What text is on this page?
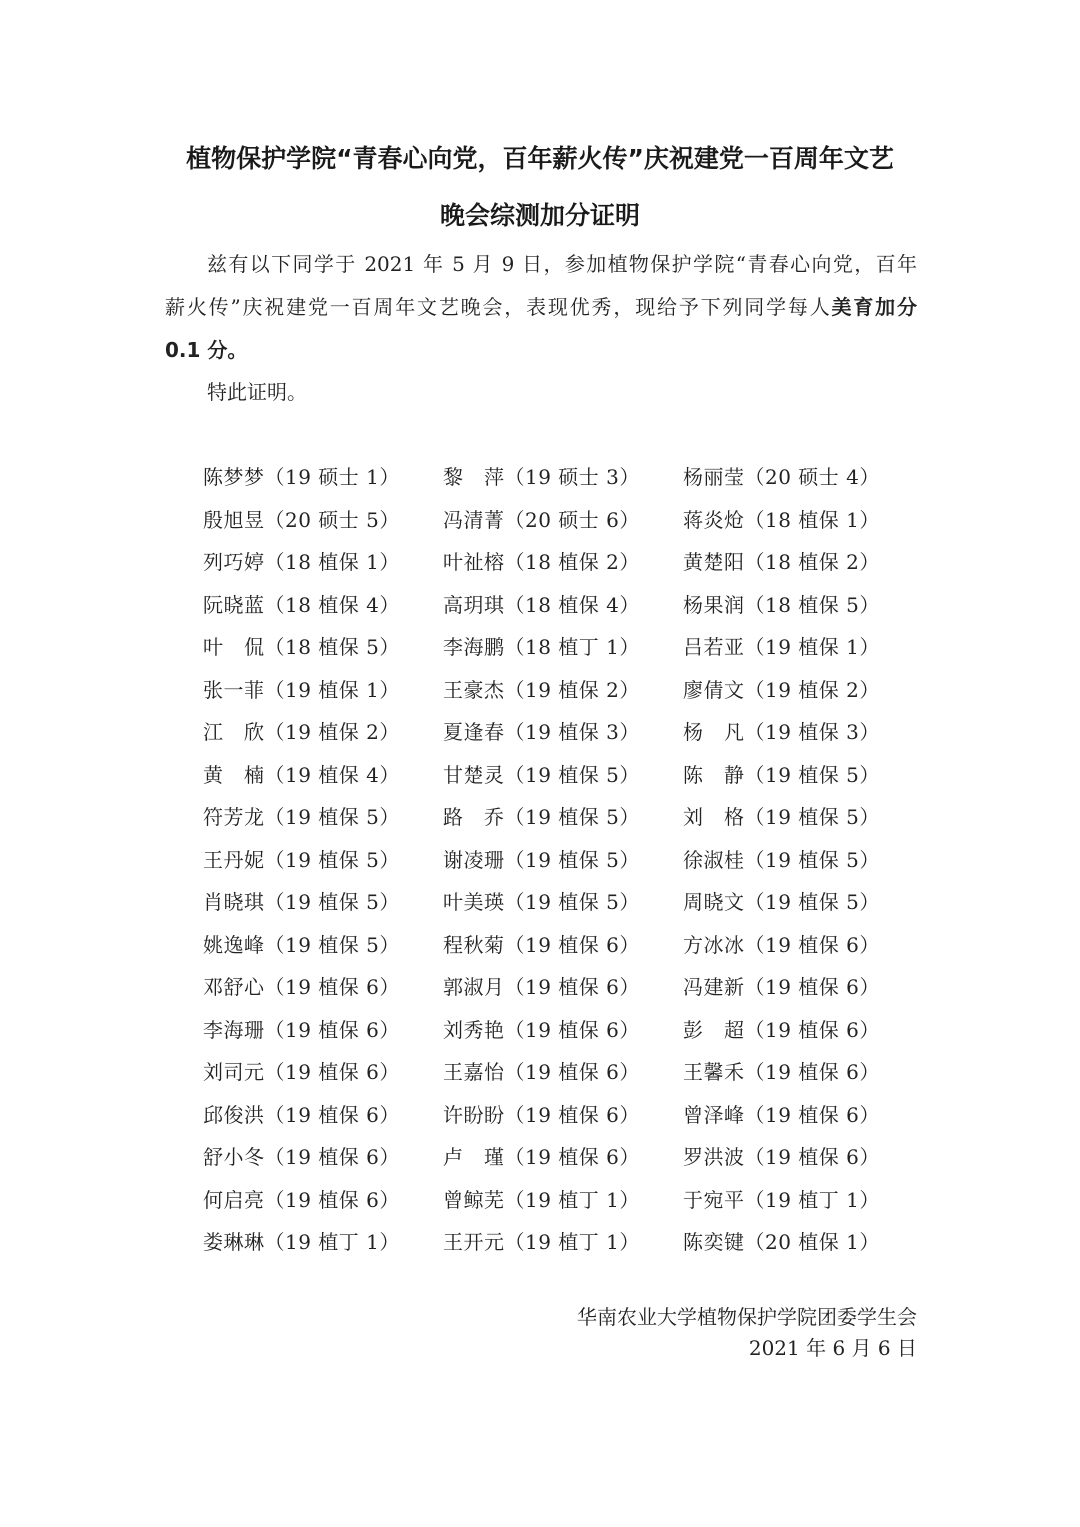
植物保护学院“青春心向党，百年薪火传”庆祝建党一百周年文艺
晚会综测加分证明

兹有以下同学于 2021 年 5 月 9 日，参加植物保护学院“青春心向党，百年
薪火传”庆祝建党一百周年文艺晚会，表现优秀，现给予下列同学每人美育加分
0.1 分。

特此证明。

陈梦梦（19 硕士 1）	黎　萍（19 硕士 3）	杨丽莹（20 硕士 4）
殷旭昱（20 硕士 5）	冯清菁（20 硕士 6）	蒋炎炝（18 植保 1）
列巧婷（18 植保 1）	叶祉榕（18 植保 2）	黄楚阳（18 植保 2）
阮晓蓝（18 植保 4）	高玥琪（18 植保 4）	杨果润（18 植保 5）
叶　侃（18 植保 5）	李海鹏（18 植丁 1）	吕若亚（19 植保 1）
张一菲（19 植保 1）	王豪杰（19 植保 2）	廖倩文（19 植保 2）
江　欣（19 植保 2）	夏逢春（19 植保 3）	杨　凡（19 植保 3）
黄　楠（19 植保 4）	甘楚灵（19 植保 5）	陈　静（19 植保 5）
符芳龙（19 植保 5）	路　乔（19 植保 5）	刘　格（19 植保 5）
王丹妮（19 植保 5）	谢凌珊（19 植保 5）	徐淑桂（19 植保 5）
肖晓琪（19 植保 5）	叶美瑛（19 植保 5）	周晓文（19 植保 5）
姚逸峰（19 植保 5）	程秋菊（19 植保 6）	方冰冰（19 植保 6）
邓舒心（19 植保 6）	郭淑月（19 植保 6）	冯建新（19 植保 6）
李海珊（19 植保 6）	刘秀艳（19 植保 6）	彭　超（19 植保 6）
刘司元（19 植保 6）	王嘉怡（19 植保 6）	王馨禾（19 植保 6）
邱俊洪（19 植保 6）	许盼盼（19 植保 6）	曾泽峰（19 植保 6）
舒小冬（19 植保 6）	卢　瑾（19 植保 6）	罗洪波（19 植保 6）
何启亮（19 植保 6）	曾鲸芜（19 植丁 1）	于宛平（19 植丁 1）
娄琳琳（19 植丁 1）	王开元（19 植丁 1）	陈奕键（20 植保 1）
华南农业大学植物保护学院团委学生会
2021 年 6 月 6 日
